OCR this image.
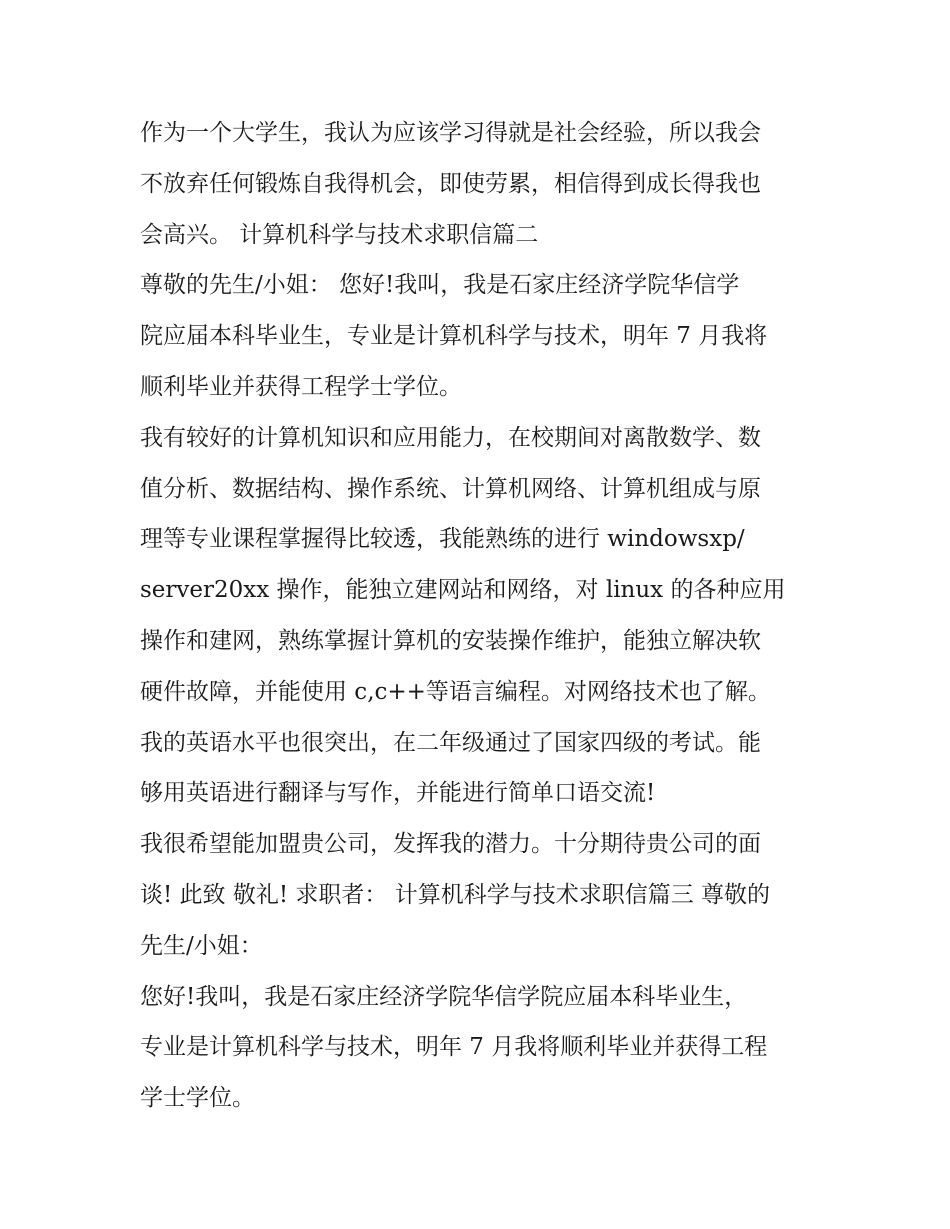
作为一个大学生，我认为应该学习得就是社会经验，所以我会
不放弃任何锻炼自我得机会，即使劳累，相信得到成长得我也
会高兴。 计算机科学与技术求职信篇二
尊敬的先生/小姐： 您好!我叫，我是石家庄经济学院华信学
院应届本科毕业生，专业是计算机科学与技术，明年 7 月我将
顺利毕业并获得工程学士学位。
我有较好的计算机知识和应用能力，在校期间对离散数学、数
值分析、数据结构、操作系统、计算机网络、计算机组成与原
理等专业课程掌握得比较透，我能熟练的进行 windowsxp/
server20xx 操作，能独立建网站和网络，对 linux 的各种应用
操作和建网，熟练掌握计算机的安装操作维护，能独立解决软
硬件故障，并能使用 c,c++等语言编程。对网络技术也了解。
我的英语水平也很突出，在二年级通过了国家四级的考试。能
够用英语进行翻译与写作，并能进行简单口语交流!
我很希望能加盟贵公司，发挥我的潜力。十分期待贵公司的面
谈! 此致 敬礼! 求职者： 计算机科学与技术求职信篇三 尊敬的
先生/小姐：
您好!我叫，我是石家庄经济学院华信学院应届本科毕业生，
专业是计算机科学与技术，明年 7 月我将顺利毕业并获得工程
学士学位。
